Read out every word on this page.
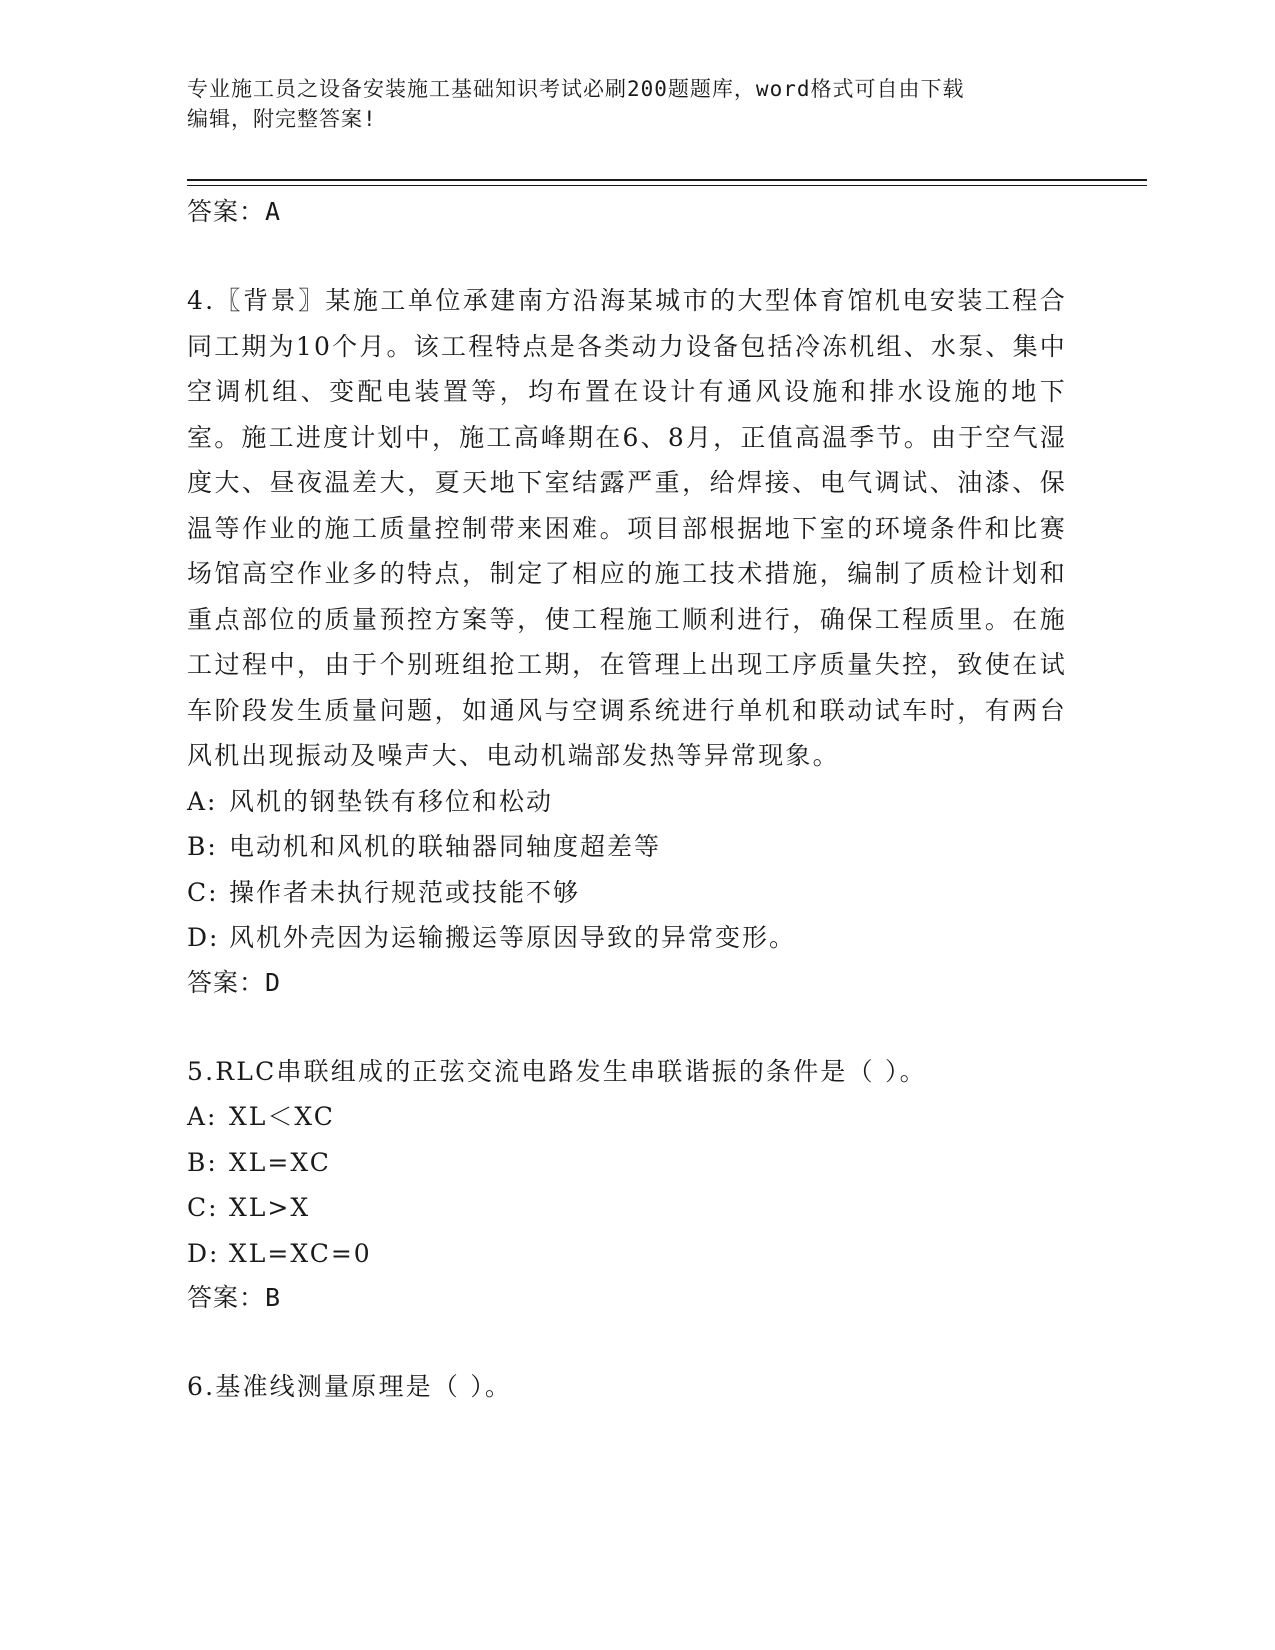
专业施工员之设备安装施工基础知识考试必刷200题题库，word格式可自由下载
编辑，附完整答案!
答案：A
4.〖背景〗某施工单位承建南方沿海某城市的大型体育馆机电安装工程合同工期为10个月。该工程特点是各类动力设备包括冷冻机组、水泵、集中空调机组、变配电装置等，均布置在设计有通风设施和排水设施的地下室。施工进度计划中，施工高峰期在6、8月，正值高温季节。由于空气湿度大、昼夜温差大，夏天地下室结露严重，给焊接、电气调试、油漆、保温等作业的施工质量控制带来困难。项目部根据地下室的环境条件和比赛场馆高空作业多的特点，制定了相应的施工技术措施，编制了质检计划和重点部位的质量预控方案等，使工程施工顺利进行，确保工程质里。在施工过程中，由于个别班组抢工期，在管理上出现工序质量失控，致使在试车阶段发生质量问题，如通风与空调系统进行单机和联动试车时，有两台风机出现振动及噪声大、电动机端部发热等异常现象。
A: 风机的钢垫铁有移位和松动
B: 电动机和风机的联轴器同轴度超差等
C: 操作者未执行规范或技能不够
D: 风机外壳因为运输搬运等原因导致的异常变形。
答案：D
5.RLC串联组成的正弦交流电路发生串联谐振的条件是（ ）。
A: XL＜XC
B: XL=XC
C: XL>X
D: XL=XC=0
答案：B
6.基准线测量原理是（ ）。
